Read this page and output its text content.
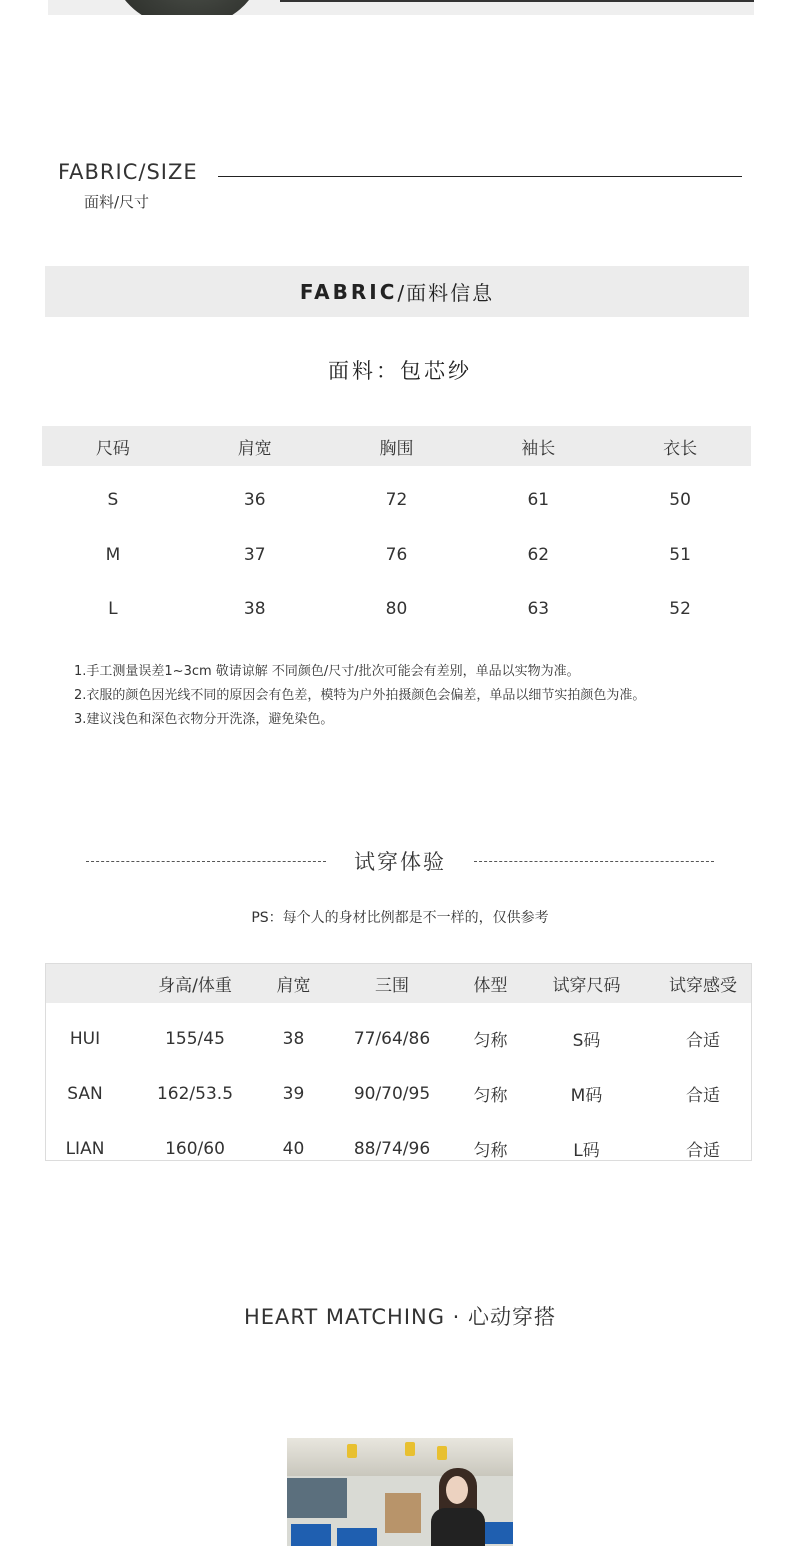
FABRIC/SIZE
面料/尺寸
FABRIC /面料信息
面料：包芯纱
尺码	肩宽	胸围	袖长	衣长
S	36	72	61	50
M	37	76	62	51
L	38	80	63	52
1.手工测量误差1~3cm 敬请谅解 不同颜色/尺寸/批次可能会有差别，单品以实物为准。
2.衣服的颜色因光线不同的原因会有色差，模特为户外拍摄颜色会偏差，单品以细节实拍颜色为准。
3.建议浅色和深色衣物分开洗涤，避免染色。
试穿体验
PS：每个人的身材比例都是不一样的，仅供参考
	身高/体重	肩宽	三围	体型	试穿尺码	试穿感受
HUI	155/45	38	77/64/86	匀称	S码	合适
SAN	162/53.5	39	90/70/95	匀称	M码	合适
LIAN	160/60	40	88/74/96	匀称	L码	合适
HEART MATCHING · 心动穿搭
